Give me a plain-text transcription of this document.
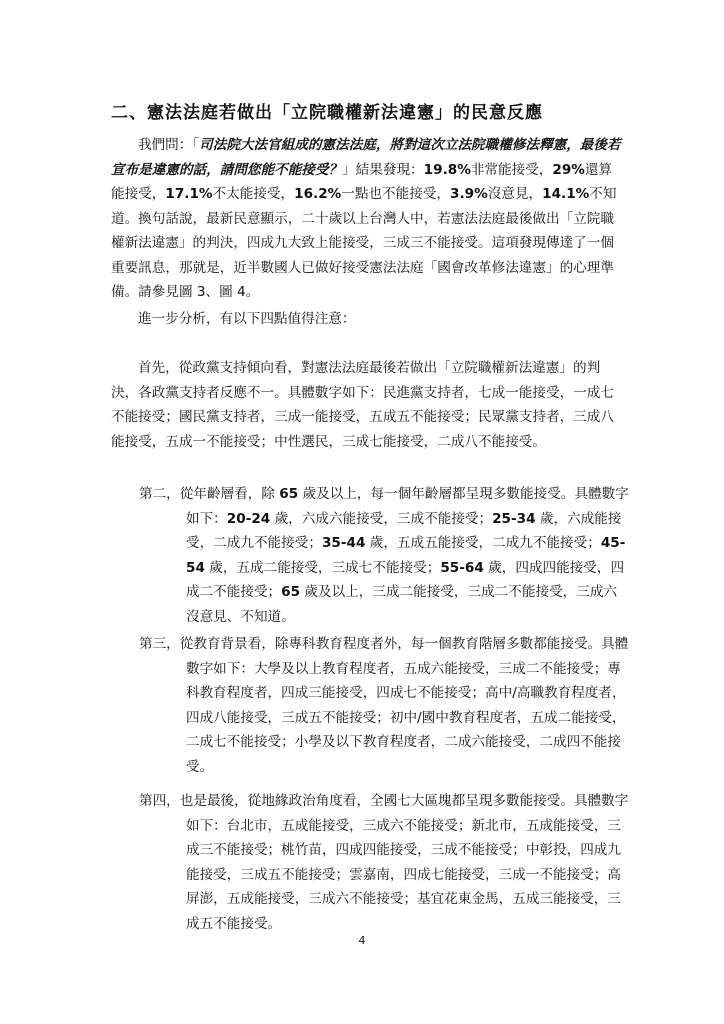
二、憲法法庭若做出「立院職權新法違憲」的民意反應

我們問：「司法院大法官組成的憲法法庭，將對這次立法院職權修法釋憲，最後若宣布是違憲的話，請問您能不能接受？」結果發現：19.8%非常能接受，29%還算能接受，17.1%不太能接受，16.2%一點也不能接受，3.9%沒意見，14.1%不知道。換句話說，最新民意顯示，二十歲以上台灣人中，若憲法法庭最後做出「立院職權新法違憲」的判決，四成九大致上能接受，三成三不能接受。這項發現傳達了一個重要訊息，那就是，近半數國人已做好接受憲法法庭「國會改革修法違憲」的心理準備。請參見圖 3、圖 4。

進一步分析，有以下四點值得注意：

首先，從政黨支持傾向看，對憲法法庭最後若做出「立院職權新法違憲」的判決，各政黨支持者反應不一。具體數字如下：民進黨支持者，七成一能接受，一成七不能接受；國民黨支持者，三成一能接受，五成五不能接受；民眾黨支持者，三成八能接受，五成一不能接受；中性選民，三成七能接受，二成八不能接受。

第二，從年齡層看，除 65 歲及以上，每一個年齡層都呈現多數能接受。具體數字如下：20-24 歲，六成六能接受，三成不能接受；25-34 歲，六成能接受，二成九不能接受；35-44 歲，五成五能接受，二成九不能接受；45-54 歲，五成二能接受，三成七不能接受；55-64 歲，四成四能接受，四成二不能接受；65 歲及以上，三成二能接受，三成二不能接受，三成六沒意見、不知道。
第三，從教育背景看，除專科教育程度者外，每一個教育階層多數都能接受。具體數字如下：大學及以上教育程度者，五成六能接受，三成二不能接受；專科教育程度者，四成三能接受，四成七不能接受；高中/高職教育程度者，四成八能接受，三成五不能接受；初中/國中教育程度者，五成二能接受，二成七不能接受；小學及以下教育程度者，二成六能接受，二成四不能接受。
第四，也是最後，從地緣政治角度看，全國七大區塊都呈現多數能接受。具體數字如下：台北市，五成能接受，三成六不能接受；新北市，五成能接受，三成三不能接受；桃竹苗，四成四能接受，三成不能接受；中彰投，四成九能接受，三成五不能接受；雲嘉南，四成七能接受，三成一不能接受；高屏澎，五成能接受，三成六不能接受；基宜花東金馬，五成三能接受，三成五不能接受。
4
